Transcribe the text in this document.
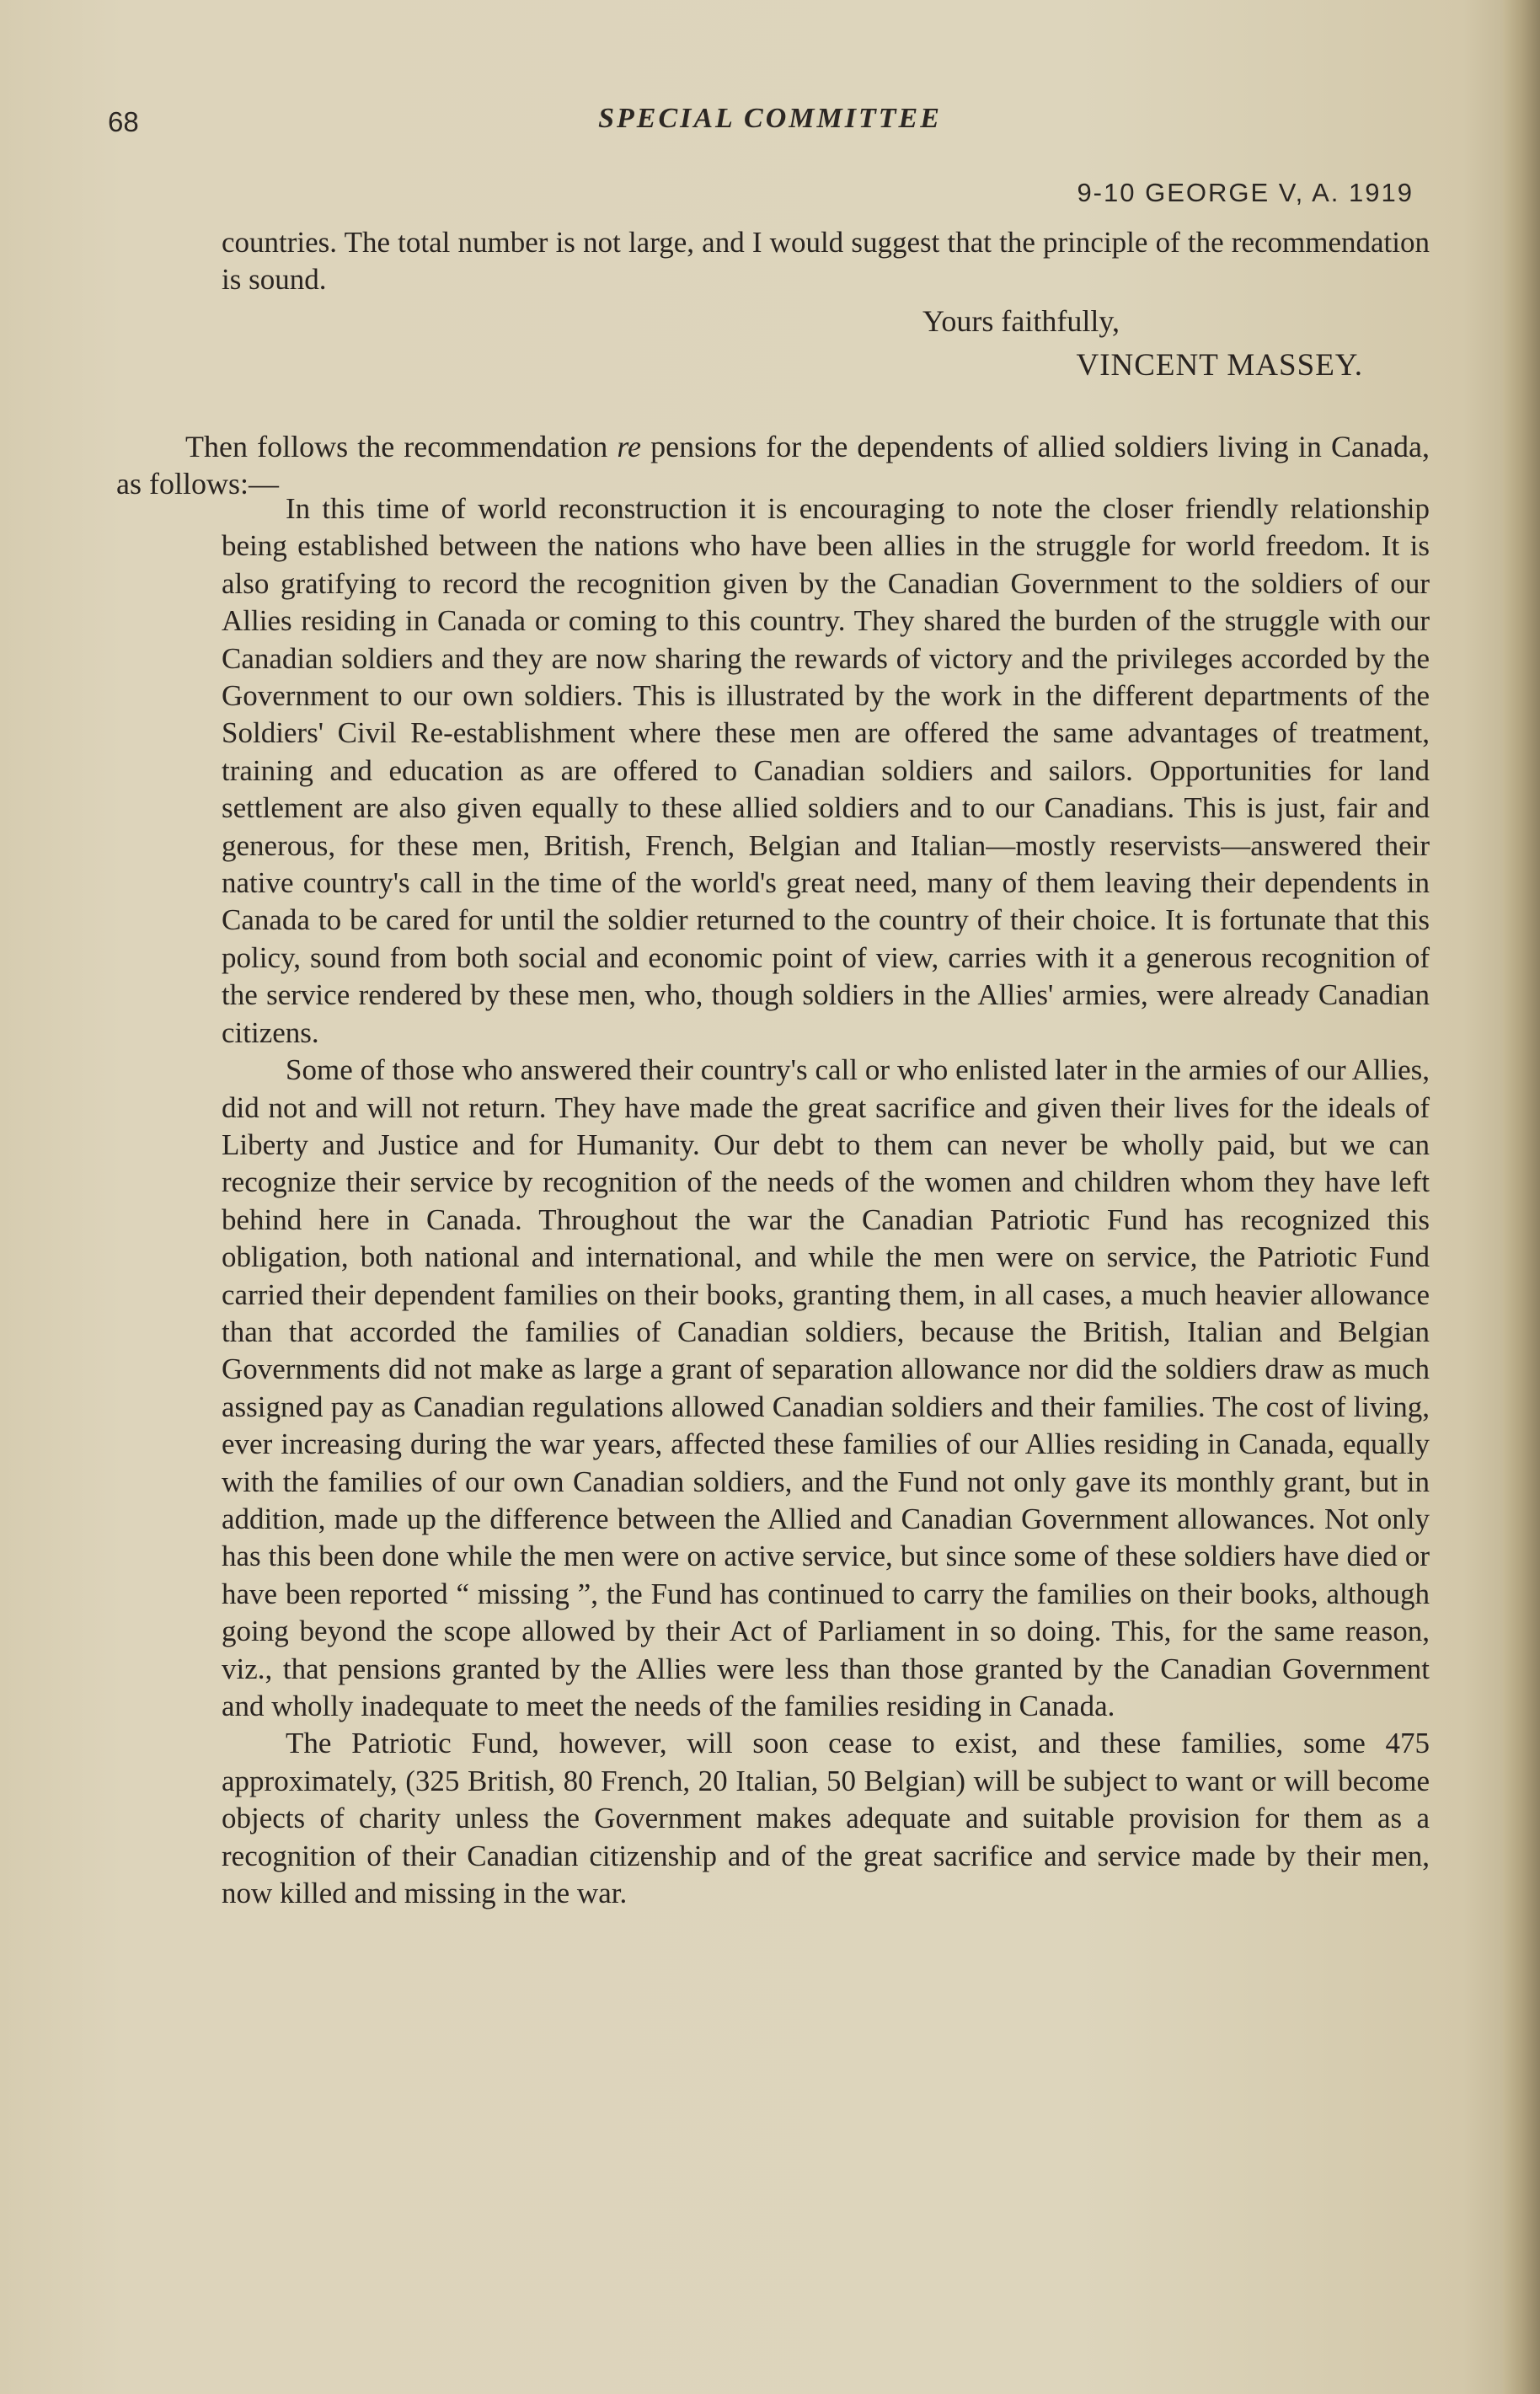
68	SPECIAL COMMITTEE
9-10 GEORGE V, A. 1919

countries. The total number is not large, and I would suggest that the principle of the recommendation is sound.

Yours faithfully,
VINCENT MASSEY.

Then follows the recommendation re pensions for the dependents of allied soldiers living in Canada, as follows:—

In this time of world reconstruction it is encouraging to note the closer friendly relationship being established between the nations who have been allies in the struggle for world freedom. It is also gratifying to record the recognition given by the Canadian Government to the soldiers of our Allies residing in Canada or coming to this country. They shared the burden of the struggle with our Canadian soldiers and they are now sharing the rewards of victory and the privileges accorded by the Government to our own soldiers. This is illustrated by the work in the different departments of the Soldiers' Civil Re-establishment where these men are offered the same advantages of treatment, training and education as are offered to Canadian soldiers and sailors. Opportunities for land settlement are also given equally to these allied soldiers and to our Canadians. This is just, fair and generous, for these men, British, French, Belgian and Italian—mostly reservists—answered their native country's call in the time of the world's great need, many of them leaving their dependents in Canada to be cared for until the soldier returned to the country of their choice. It is fortunate that this policy, sound from both social and economic point of view, carries with it a generous recognition of the service rendered by these men, who, though soldiers in the Allies' armies, were already Canadian citizens.

Some of those who answered their country's call or who enlisted later in the armies of our Allies, did not and will not return. They have made the great sacrifice and given their lives for the ideals of Liberty and Justice and for Humanity. Our debt to them can never be wholly paid, but we can recognize their service by recognition of the needs of the women and children whom they have left behind here in Canada. Throughout the war the Canadian Patriotic Fund has recognized this obligation, both national and international, and while the men were on service, the Patriotic Fund carried their dependent families on their books, granting them, in all cases, a much heavier allowance than that accorded the families of Canadian soldiers, because the British, Italian and Belgian Governments did not make as large a grant of separation allowance nor did the soldiers draw as much assigned pay as Canadian regulations allowed Canadian soldiers and their families. The cost of living, ever increasing during the war years, affected these families of our Allies residing in Canada, equally with the families of our own Canadian soldiers, and the Fund not only gave its monthly grant, but in addition, made up the difference between the Allied and Canadian Government allowances. Not only has this been done while the men were on active service, but since some of these soldiers have died or have been reported “ missing ”, the Fund has continued to carry the families on their books, although going beyond the scope allowed by their Act of Parliament in so doing. This, for the same reason, viz., that pensions granted by the Allies were less than those granted by the Canadian Government and wholly inadequate to meet the needs of the families residing in Canada.

The Patriotic Fund, however, will soon cease to exist, and these families, some 475 approximately, (325 British, 80 French, 20 Italian, 50 Belgian) will be subject to want or will become objects of charity unless the Government makes adequate and suitable provision for them as a recognition of their Canadian citizenship and of the great sacrifice and service made by their men, now killed and missing in the war.
